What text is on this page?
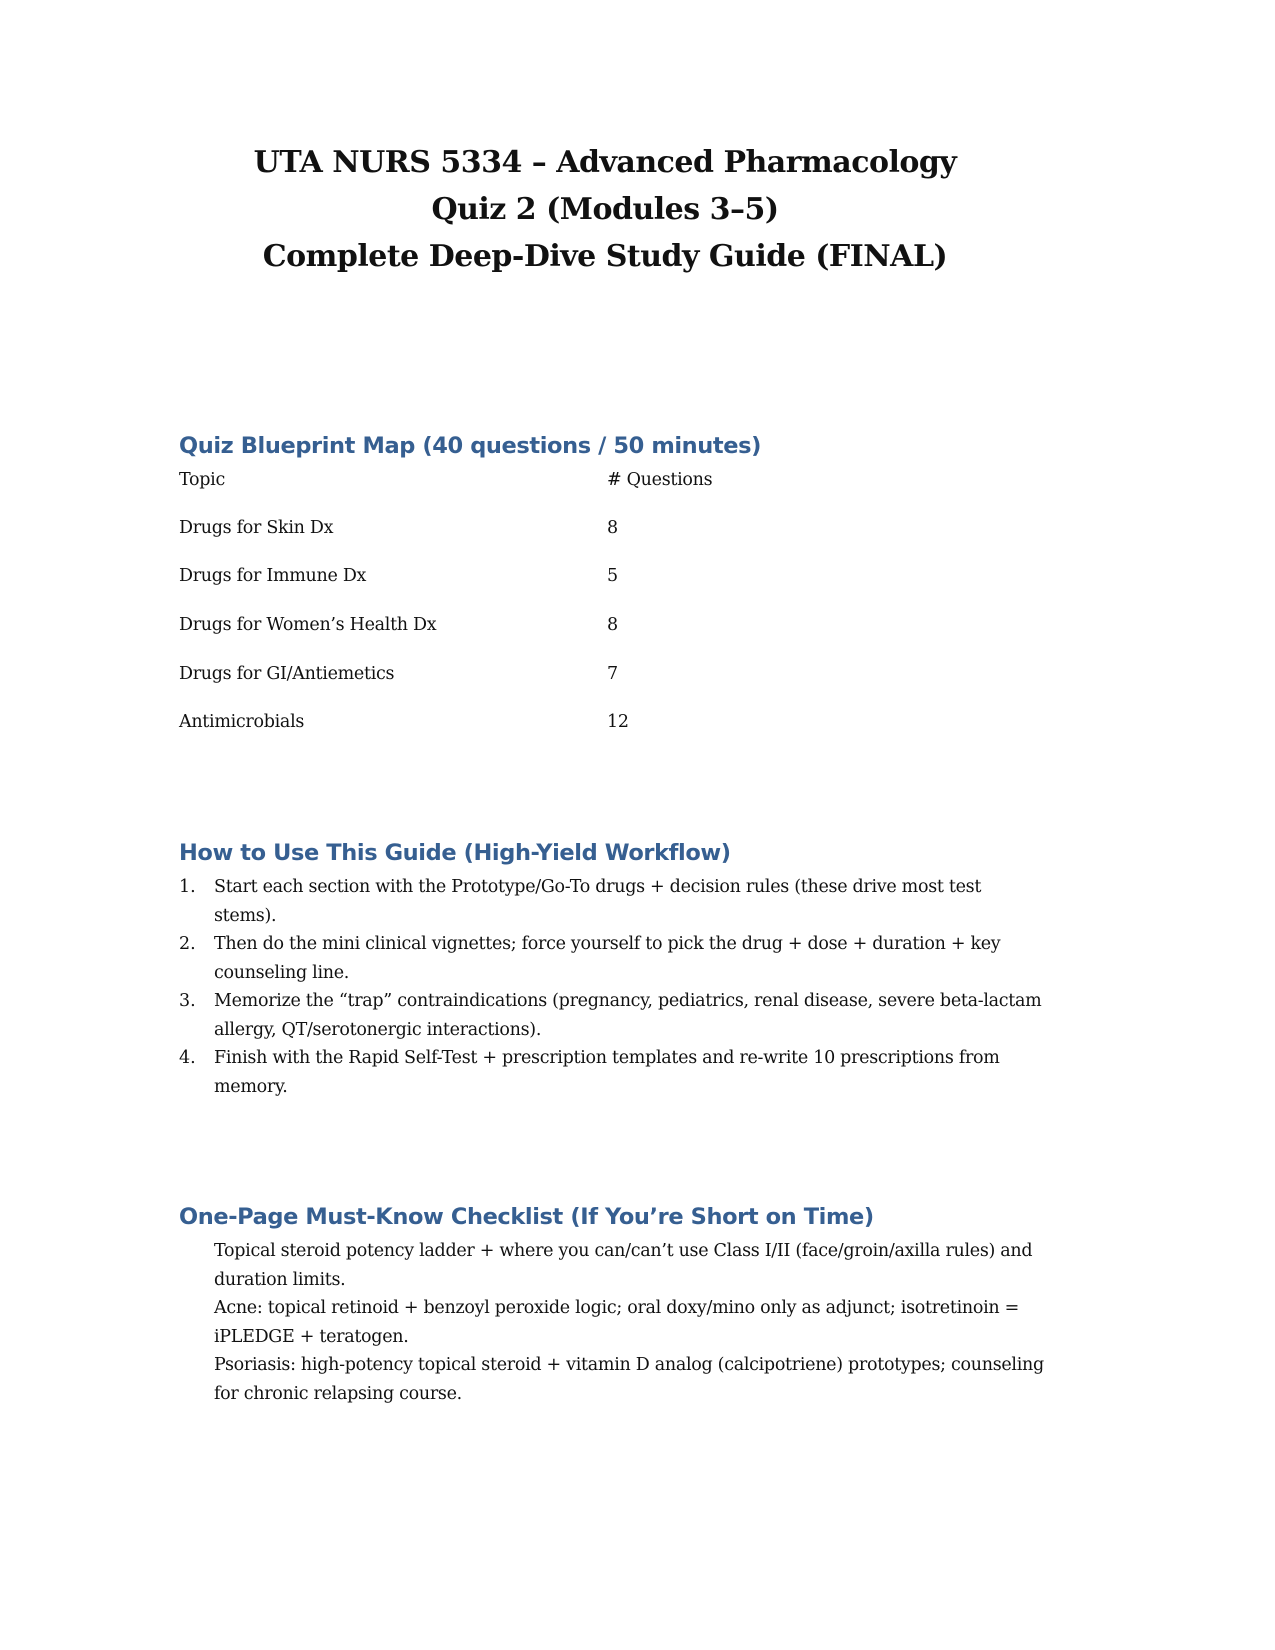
UTA NURS 5334 – Advanced Pharmacology
Quiz 2 (Modules 3–5)
Complete Deep-Dive Study Guide (FINAL)
Quiz Blueprint Map (40 questions / 50 minutes)
Topic	# Questions
Drugs for Skin Dx	8
Drugs for Immune Dx	5
Drugs for Women’s Health Dx	8
Drugs for GI/Antiemetics	7
Antimicrobials	12
How to Use This Guide (High-Yield Workflow)
1. Start each section with the Prototype/Go-To drugs + decision rules (these drive most test stems).
2. Then do the mini clinical vignettes; force yourself to pick the drug + dose + duration + key counseling line.
3. Memorize the “trap” contraindications (pregnancy, pediatrics, renal disease, severe beta-lactam allergy, QT/serotonergic interactions).
4. Finish with the Rapid Self-Test + prescription templates and re-write 10 prescriptions from memory.
One-Page Must-Know Checklist (If You’re Short on Time)
Topical steroid potency ladder + where you can/can’t use Class I/II (face/groin/axilla rules) and duration limits.
Acne: topical retinoid + benzoyl peroxide logic; oral doxy/mino only as adjunct; isotretinoin = iPLEDGE + teratogen.
Psoriasis: high-potency topical steroid + vitamin D analog (calcipotriene) prototypes; counseling for chronic relapsing course.
